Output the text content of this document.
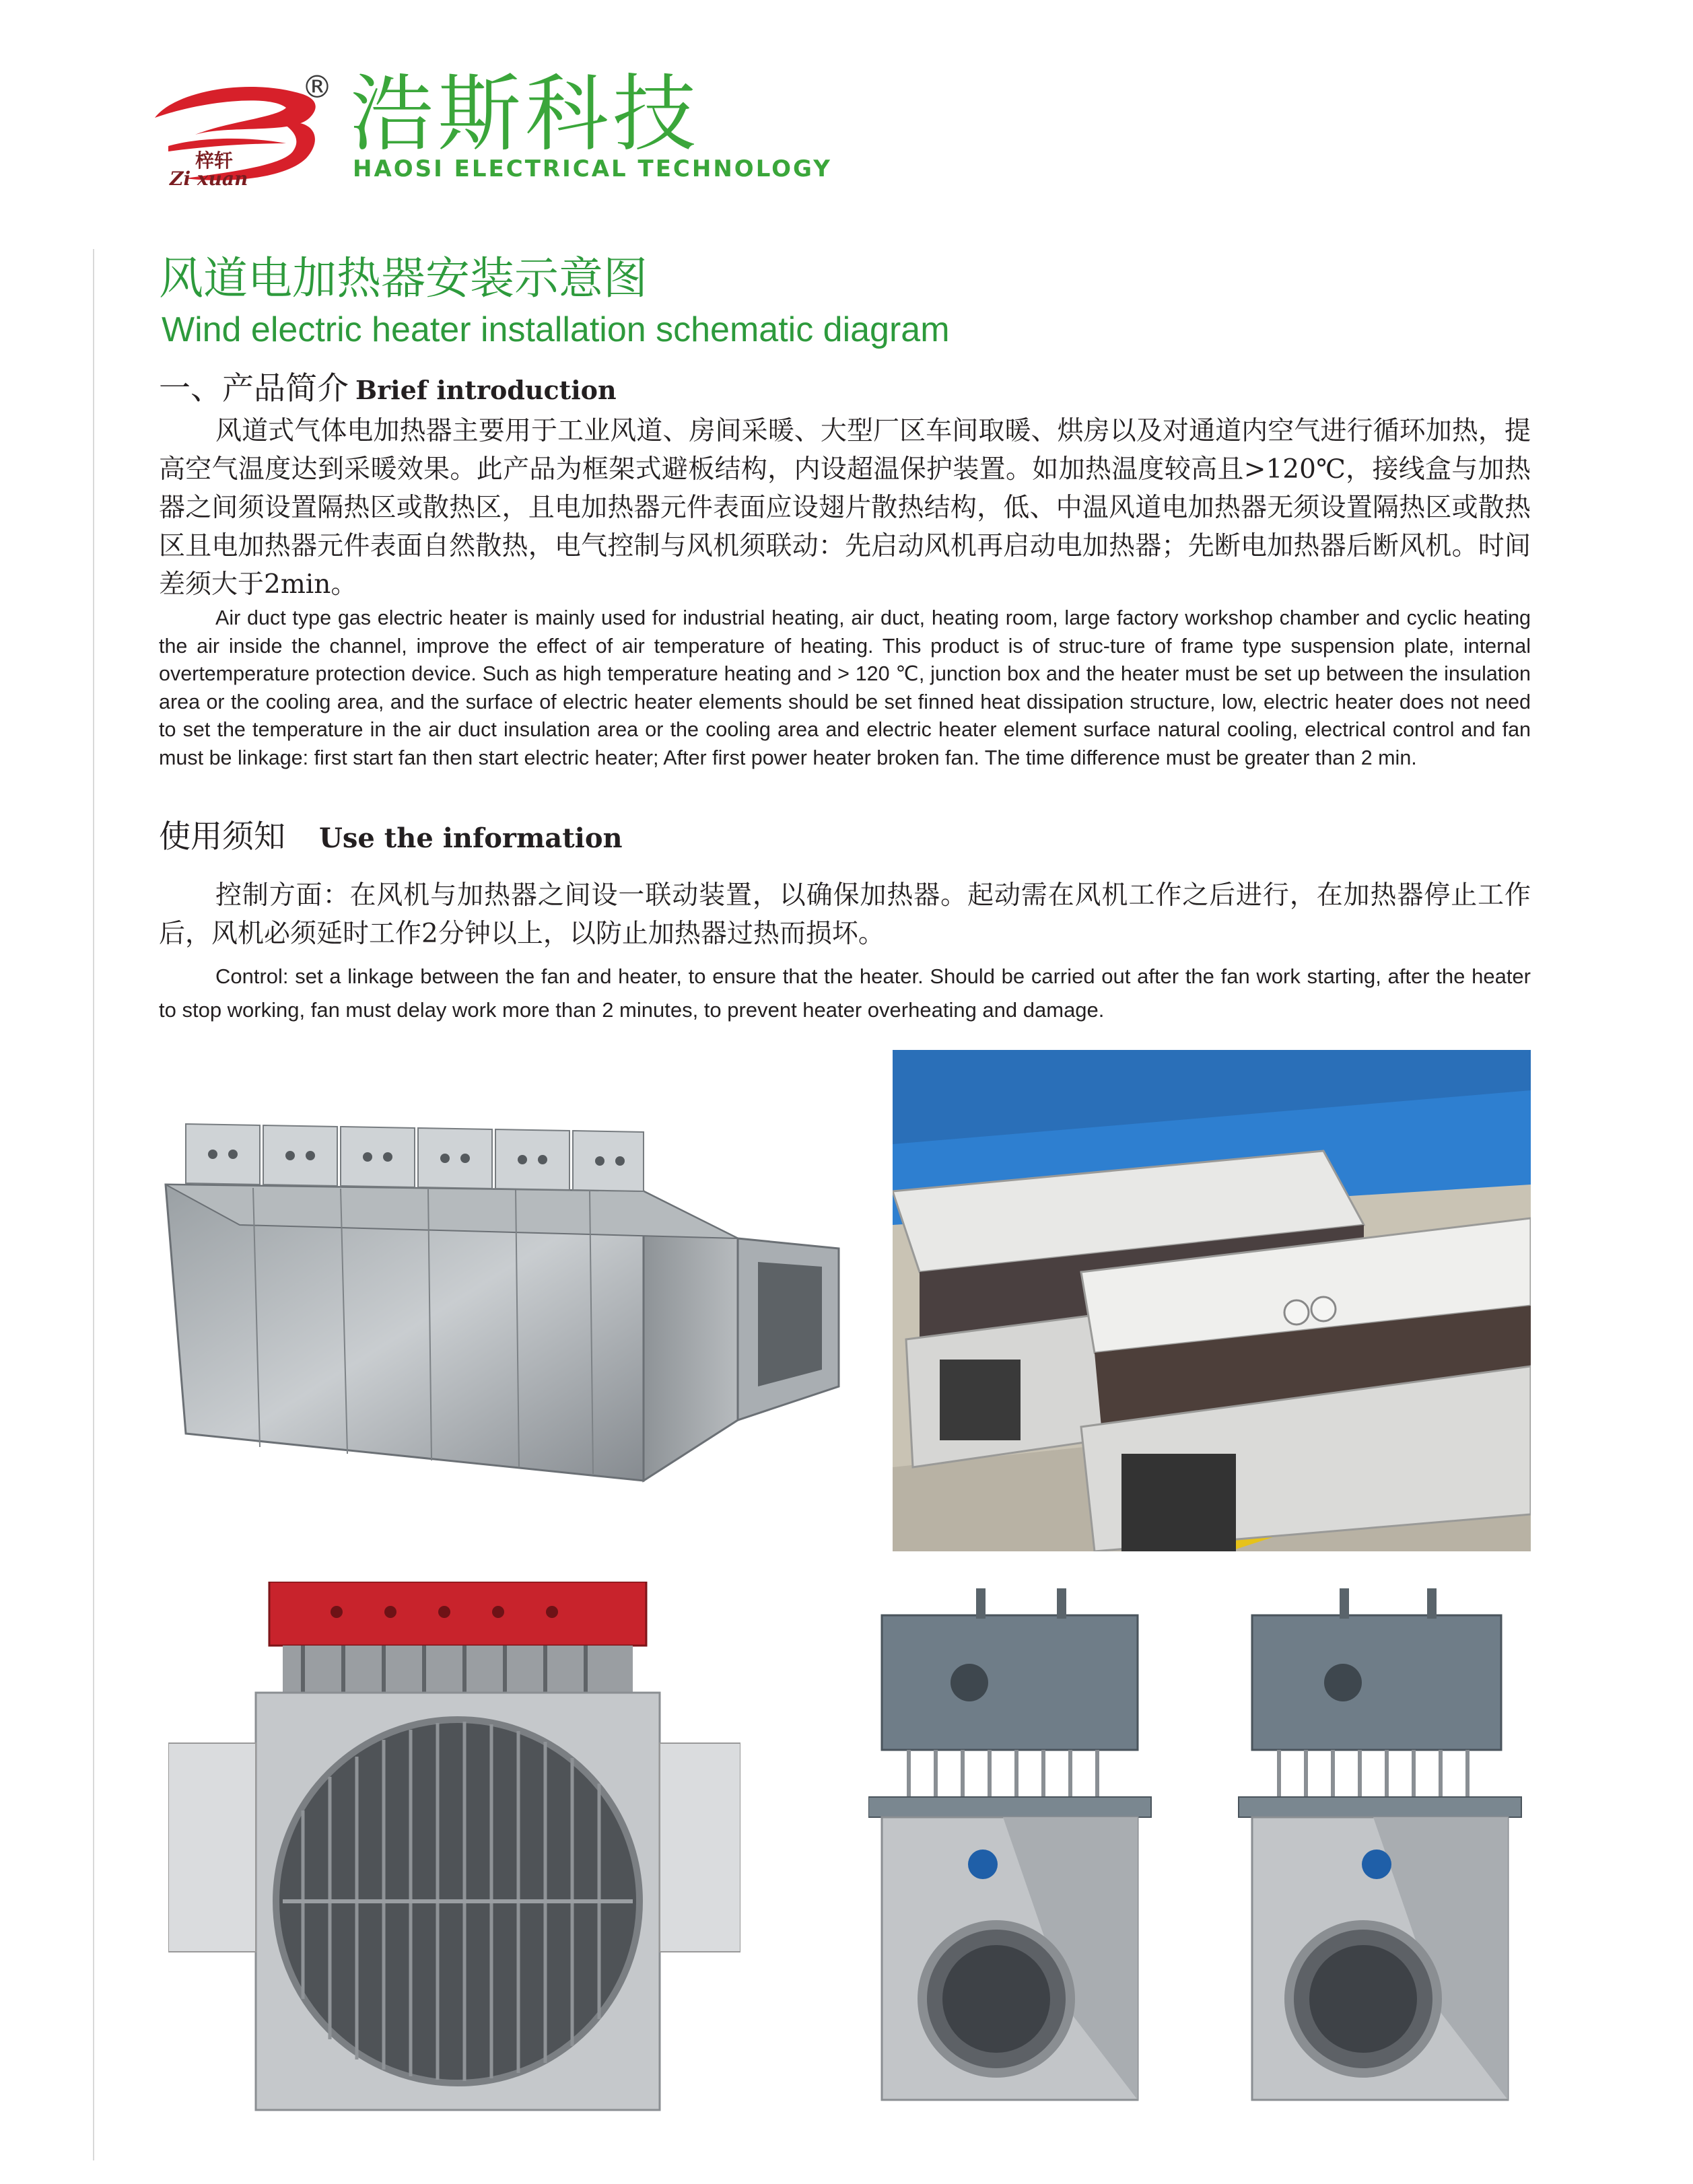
梓轩
Zi xuan
® 浩斯科技
HAOSI ELECTRICAL TECHNOLOGY
风道电加热器安装示意图
Wind electric heater installation schematic diagram
一、产品简介 Brief introduction
风道式气体电加热器主要用于工业风道、房间采暖、大型厂区车间取暖、烘房以及对通道内空气进行循环加热，提高空气温度达到采暖效果。此产品为框架式避板结构，内设超温保护装置。如加热温度较高且>120℃，接线盒与加热器之间须设置隔热区或散热区，且电加热器元件表面应设翅片散热结构，低、中温风道电加热器无须设置隔热区或散热区且电加热器元件表面自然散热，电气控制与风机须联动：先启动风机再启动电加热器；先断电加热器后断风机。时间差须大于2min。
Air duct type gas electric heater is mainly used for industrial heating, air duct, heating room, large factory workshop chamber and cyclic heating the air inside the channel, improve the effect of air temperature of heating. This product is of struc-ture of frame type suspension plate, internal overtemperature protection device. Such as high temperature heating and > 120 ℃, junction box and the heater must be set up between the insulation area or the cooling area, and the surface of electric heater elements should be set finned heat dissipation structure, low, electric heater does not need to set the temperature in the air duct insulation area or the cooling area and electric heater element surface natural cooling, electrical control and fan must be linkage: first start fan then start electric heater; After first power heater broken fan. The time difference must be greater than 2 min.
使用须知 Use the information
控制方面：在风机与加热器之间设一联动装置，以确保加热器。起动需在风机工作之后进行，在加热器停止工作后，风机必须延时工作2分钟以上，以防止加热器过热而损坏。
Control: set a linkage between the fan and heater, to ensure that the heater. Should be carried out after the fan work starting, after the heater to stop working, fan must delay work more than 2 minutes, to prevent heater overheating and damage.
